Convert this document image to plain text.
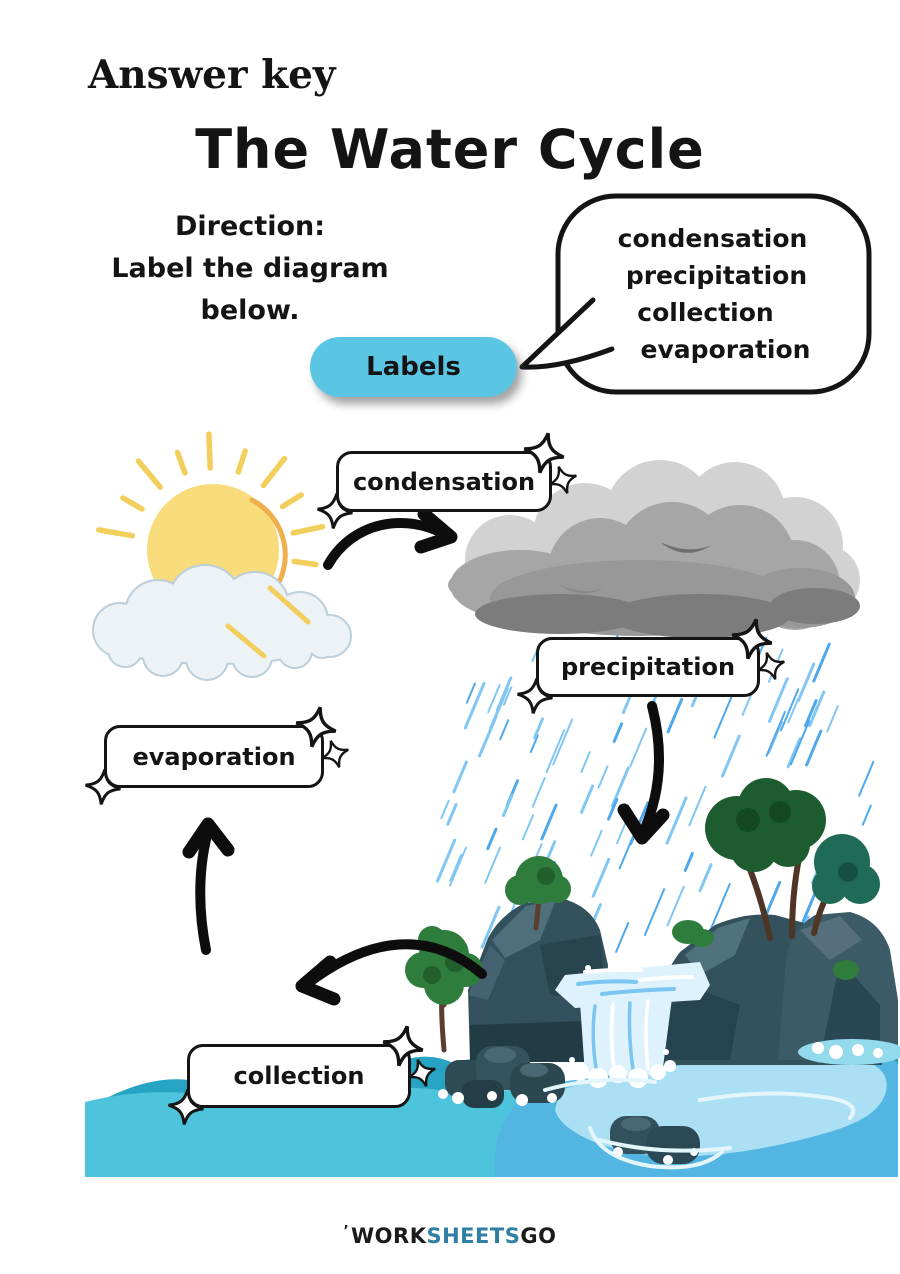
Answer key
The Water Cycle
Direction:
Label the diagram below.
condensation
precipitation
collection
evaporation
Labels
condensation
precipitation
evaporation
collection
’WORKSHEETSGO
